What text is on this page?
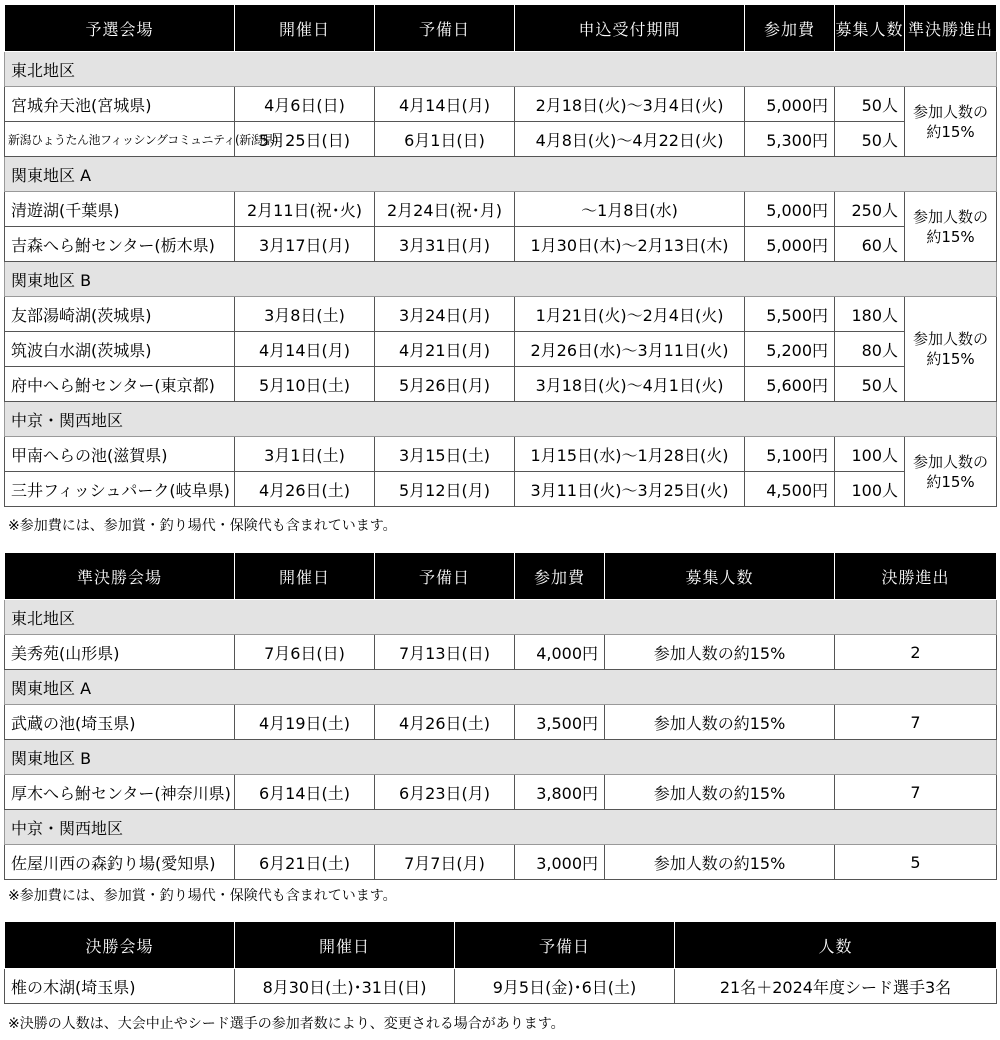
予選会場	開催日	予備日	申込受付期間	参加費	募集人数	準決勝進出
東北地区						
宮城弁天池(宮城県)	4月6日(日)	4月14日(月)	2月18日(火)～3月4日(火)	5,000円	50人	参加人数の約15%
新潟ひょうたん池フィッシングコミュニティ(新潟県)	5月25日(日)	6月1日(日)	4月8日(火)～4月22日(火)	5,300円	50人	
関東地区 A						
清遊湖(千葉県)	2月11日(祝･火)	2月24日(祝･月)	～1月8日(水)	5,000円	250人	参加人数の約15%
吉森へら鮒センター(栃木県)	3月17日(月)	3月31日(月)	1月30日(木)～2月13日(木)	5,000円	60人	
関東地区 B						
友部湯崎湖(茨城県)	3月8日(土)	3月24日(月)	1月21日(火)～2月4日(火)	5,500円	180人	参加人数の約15%
筑波白水湖(茨城県)	4月14日(月)	4月21日(月)	2月26日(水)～3月11日(火)	5,200円	80人	
府中へら鮒センター(東京都)	5月10日(土)	5月26日(月)	3月18日(火)～4月1日(火)	5,600円	50人	
中京・関西地区						
甲南へらの池(滋賀県)	3月1日(土)	3月15日(土)	1月15日(水)～1月28日(火)	5,100円	100人	参加人数の約15%
三井フィッシュパーク(岐阜県)	4月26日(土)	5月12日(月)	3月11日(火)～3月25日(火)	4,500円	100人	
※参加費には、参加賞・釣り場代・保険代も含まれています。
準決勝会場	開催日	予備日	参加費	募集人数	決勝進出
東北地区					
美秀苑(山形県)	7月6日(日)	7月13日(日)	4,000円	参加人数の約15%	2
関東地区 A					
武蔵の池(埼玉県)	4月19日(土)	4月26日(土)	3,500円	参加人数の約15%	7
関東地区 B					
厚木へら鮒センター(神奈川県)	6月14日(土)	6月23日(月)	3,800円	参加人数の約15%	7
中京・関西地区					
佐屋川西の森釣り場(愛知県)	6月21日(土)	7月7日(月)	3,000円	参加人数の約15%	5
※参加費には、参加賞・釣り場代・保険代も含まれています。
決勝会場	開催日	予備日	人数
椎の木湖(埼玉県)	8月30日(土)･31日(日)	9月5日(金)･6日(土)	21名＋2024年度シード選手3名
※決勝の人数は、大会中止やシード選手の参加者数により、変更される場合があります。
